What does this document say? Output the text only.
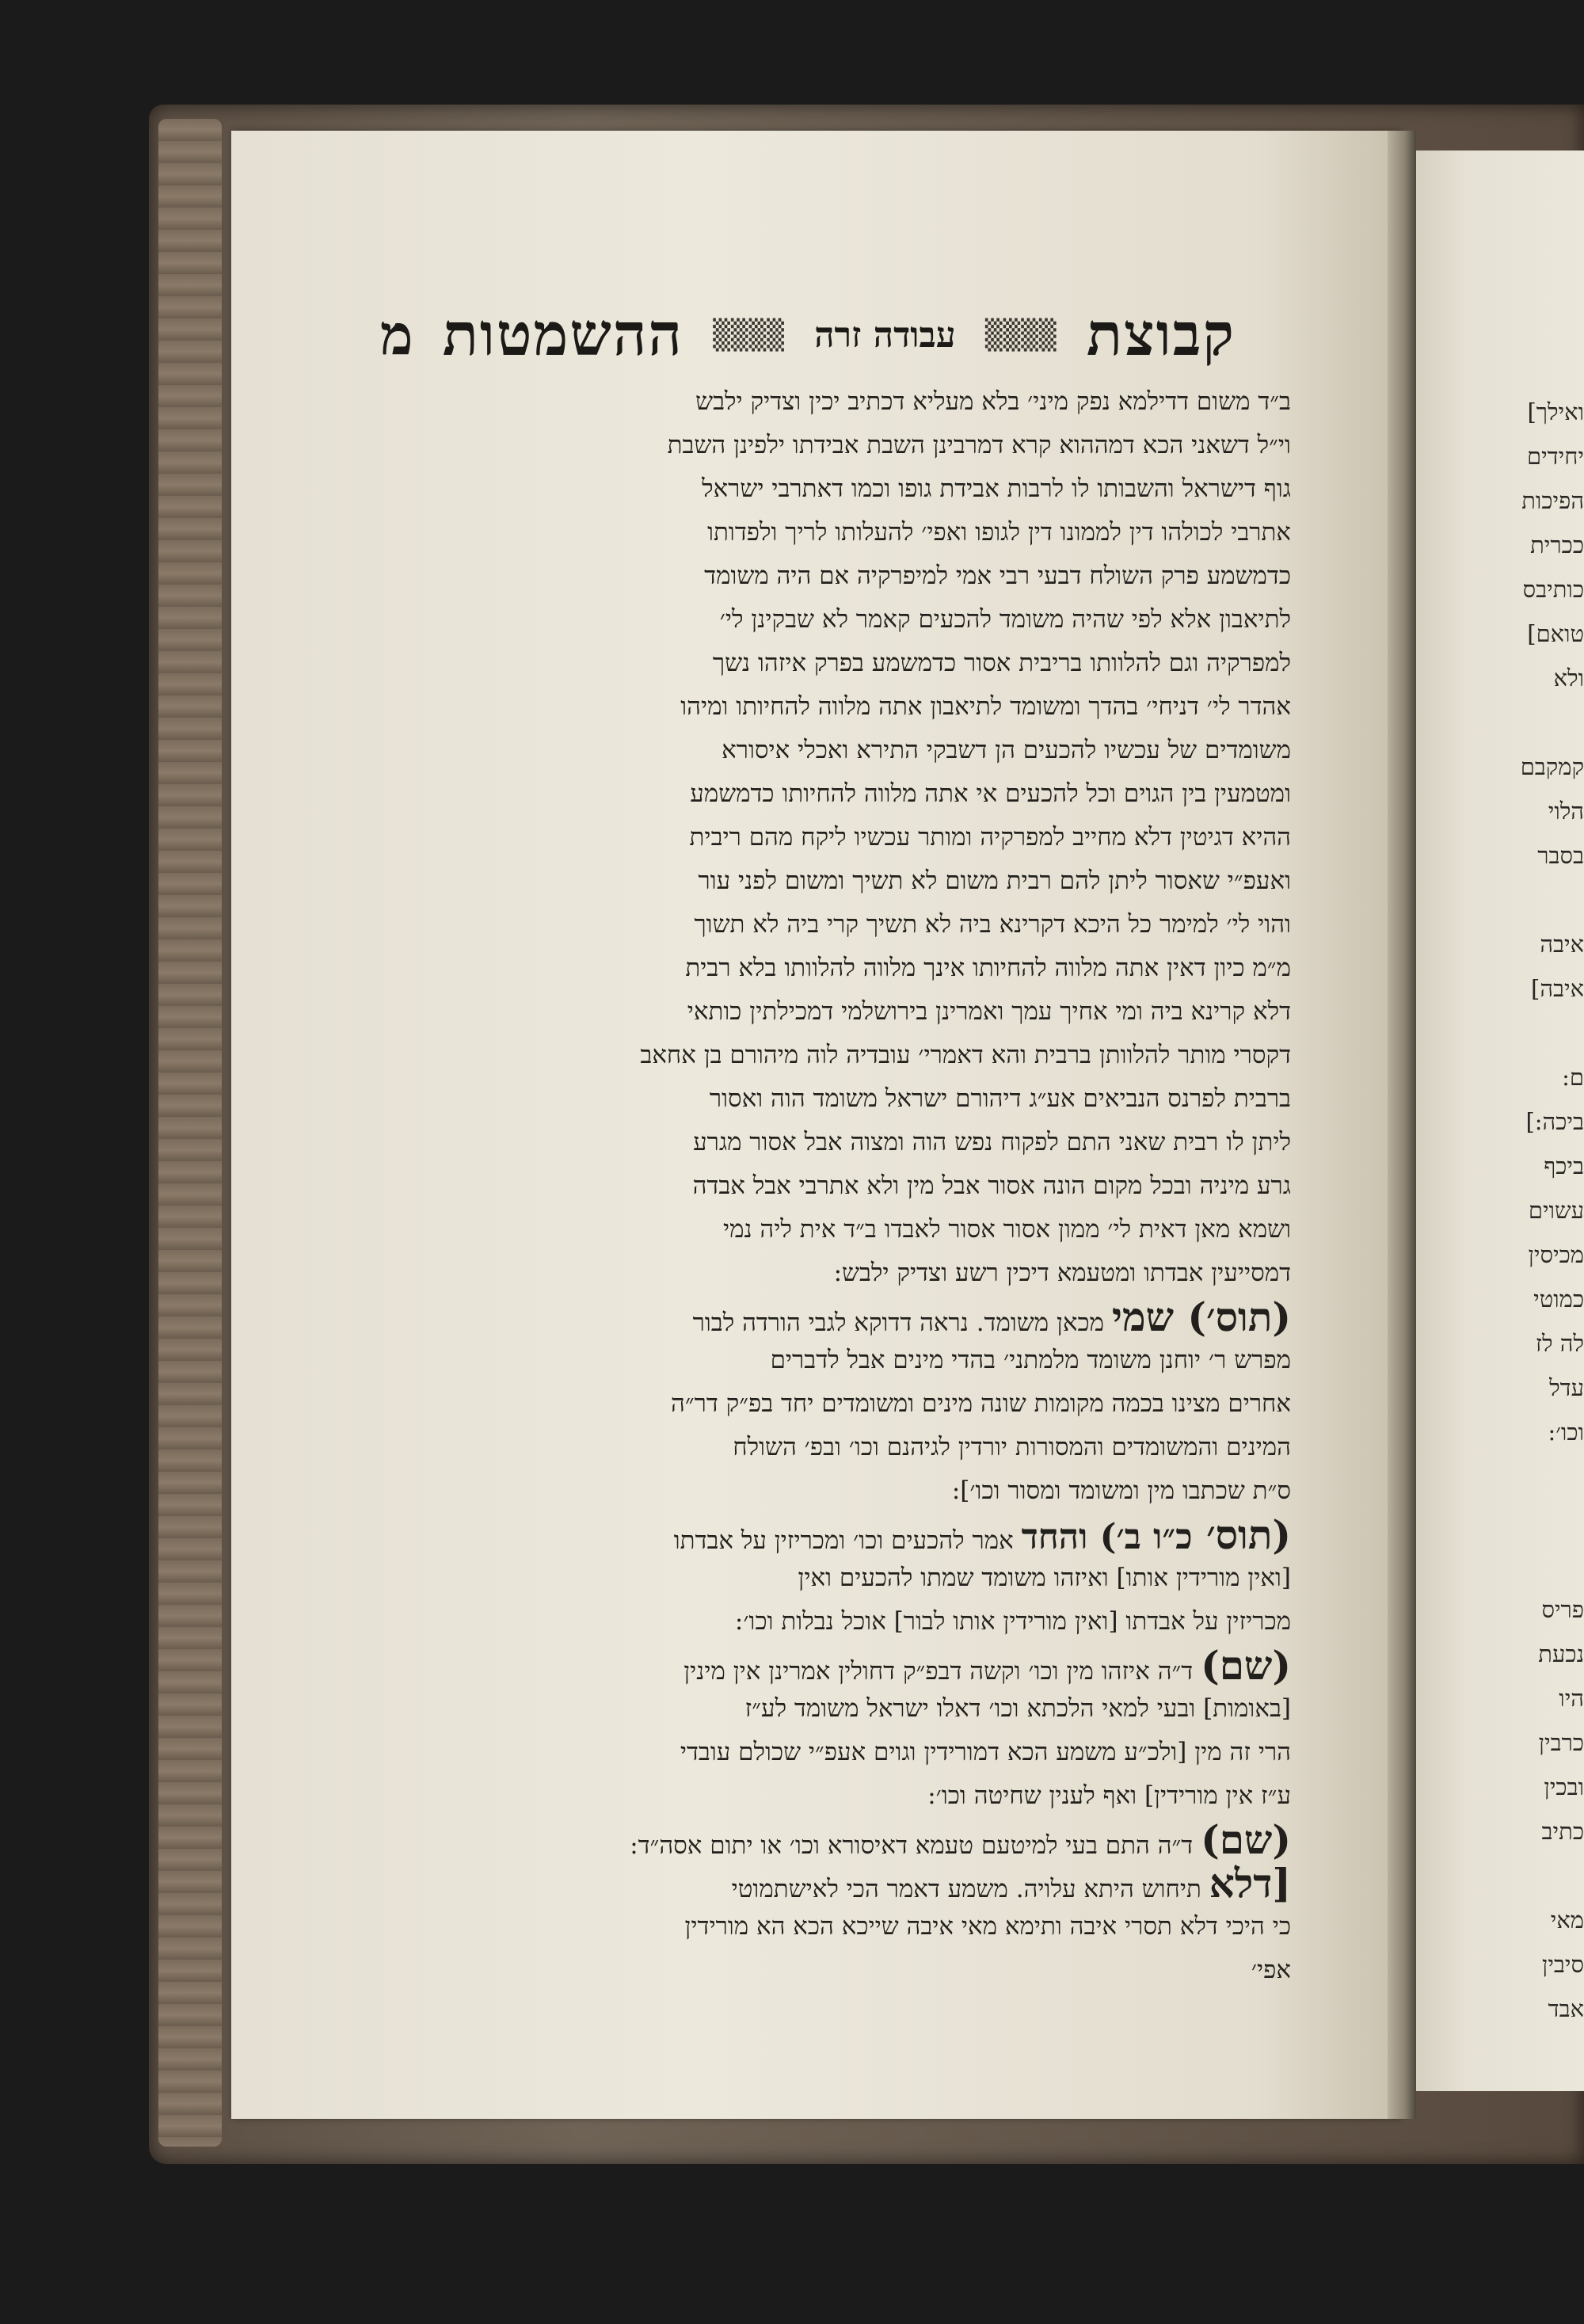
קבוצת
▒▒▒▒
עבודה זרה
▒▒▒▒
ההשמטות
מ
ב״ד משום דדילמא נפק מיני׳ בלא מעליא דכתיב יכין וצדיק ילבש
וי״ל דשאני הכא דמההוא קרא דמרבינן השבת אבידתו ילפינן השבת
גוף דישראל והשבותו לו לרבות אבידת גופו וכמו דאתרבי ישראל
אתרבי לכולהו דין לממונו דין לגופו ואפי׳ להעלותו לריך ולפדותו
כדמשמע פרק השולח דבעי רבי אמי למיפרקיה אם היה משומד
לתיאבון אלא לפי שהיה משומד להכעים קאמר לא שבקינן לי׳
למפרקיה וגם להלוותו בריבית אסור כדמשמע בפרק איזהו נשך
אהדר לי׳ דניחי׳ בהדך ומשומד לתיאבון אתה מלווה להחיותו ומיהו
משומדים של עכשיו להכעים הן דשבקי התירא ואכלי איסורא
ומטמעין בין הגוים וכל להכעים אי אתה מלווה להחיותו כדמשמע
ההיא דגיטין דלא מחייב למפרקיה ומותר עכשיו ליקח מהם ריבית
ואעפ״י שאסור ליתן להם רבית משום לא תשיך ומשום לפני עור
והוי לי׳ למימר כל היכא דקרינא ביה לא תשיך קרי ביה לא תשוך
מ״מ כיון דאין אתה מלווה להחיותו אינך מלווה להלוותו בלא רבית
דלא קרינא ביה ומי אחיך עמך ואמרינן בירושלמי דמכילתין כותאי
דקסרי מותר להלוותן ברבית והא דאמרי׳ עובדיה לוה מיהורם בן אחאב
ברבית לפרנס הנביאים אע״ג דיהורם ישראל משומד הוה ואסור
ליתן לו רבית שאני התם לפקוח נפש הוה ומצוה אבל אסור מגרע
גרע מיניה ובכל מקום הונה אסור אבל מין ולא אתרבי אבל אבדה
ושמא מאן דאית לי׳ ממון אסור אסור לאבדו ב״ד אית ליה נמי
דמסייעין אבדתו ומטעמא דיכין רשע וצדיק ילבש:
(תוס׳) שמי מכאן משומד. נראה דדוקא לגבי הורדה לבור
מפרש ר׳ יוחנן משומד מלמתני׳ בהדי מינים אבל לדברים
אחרים מצינו בכמה מקומות שונה מינים ומשומדים יחד בפ״ק דר״ה
המינים והמשומדים והמסורות יורדין לגיהנם וכו׳ ובפ׳ השולח
ס״ת שכתבו מין ומשומד ומסור וכו׳]:
(תוס׳ כ״ו ב׳) והחד אמר להכעים וכו׳ ומכריזין על אבדתו
[ואין מורידין אותו] ואיזהו משומד שמתו להכעים ואין
מכריזין על אבדתו [ואין מורידין אותו לבור] אוכל נבלות וכו׳:
(שם) ד״ה איזהו מין וכו׳ וקשה דבפ״ק דחולין אמרינן אין מינין
[באומות] ובעי למאי הלכתא וכו׳ דאלו ישראל משומד לע״ז
הרי זה מין [ולכ״ע משמע הכא דמורידין וגוים אעפ״י שכולם עובדי
ע״ז אין מורידין] ואף לענין שחיטה וכו׳:
(שם) ד״ה התם בעי למיטעם טעמא דאיסורא וכו׳ או יתום אסה״ד:
[דלא תיחוש היתא עלויה. משמע דאמר הכי לאישתמוטי
כי היכי דלא תסרי איבה ותימא מאי איבה שייכא הכא הא מורידין
אפי׳
ואילך]
יחידים
הפיכות
ככרית
כותיבס
טואם]
ולא
קמקבם
הלוי
בסבר
איבה
איבה]
ם:
ביכה:]
ביכף
עשוים
מכיסין
כמוטי
לה לז
עדל
וכו׳:
פריס
נכעת
היו
כרבין
ובכין
כתיב
מאי
סיבין
אבד
